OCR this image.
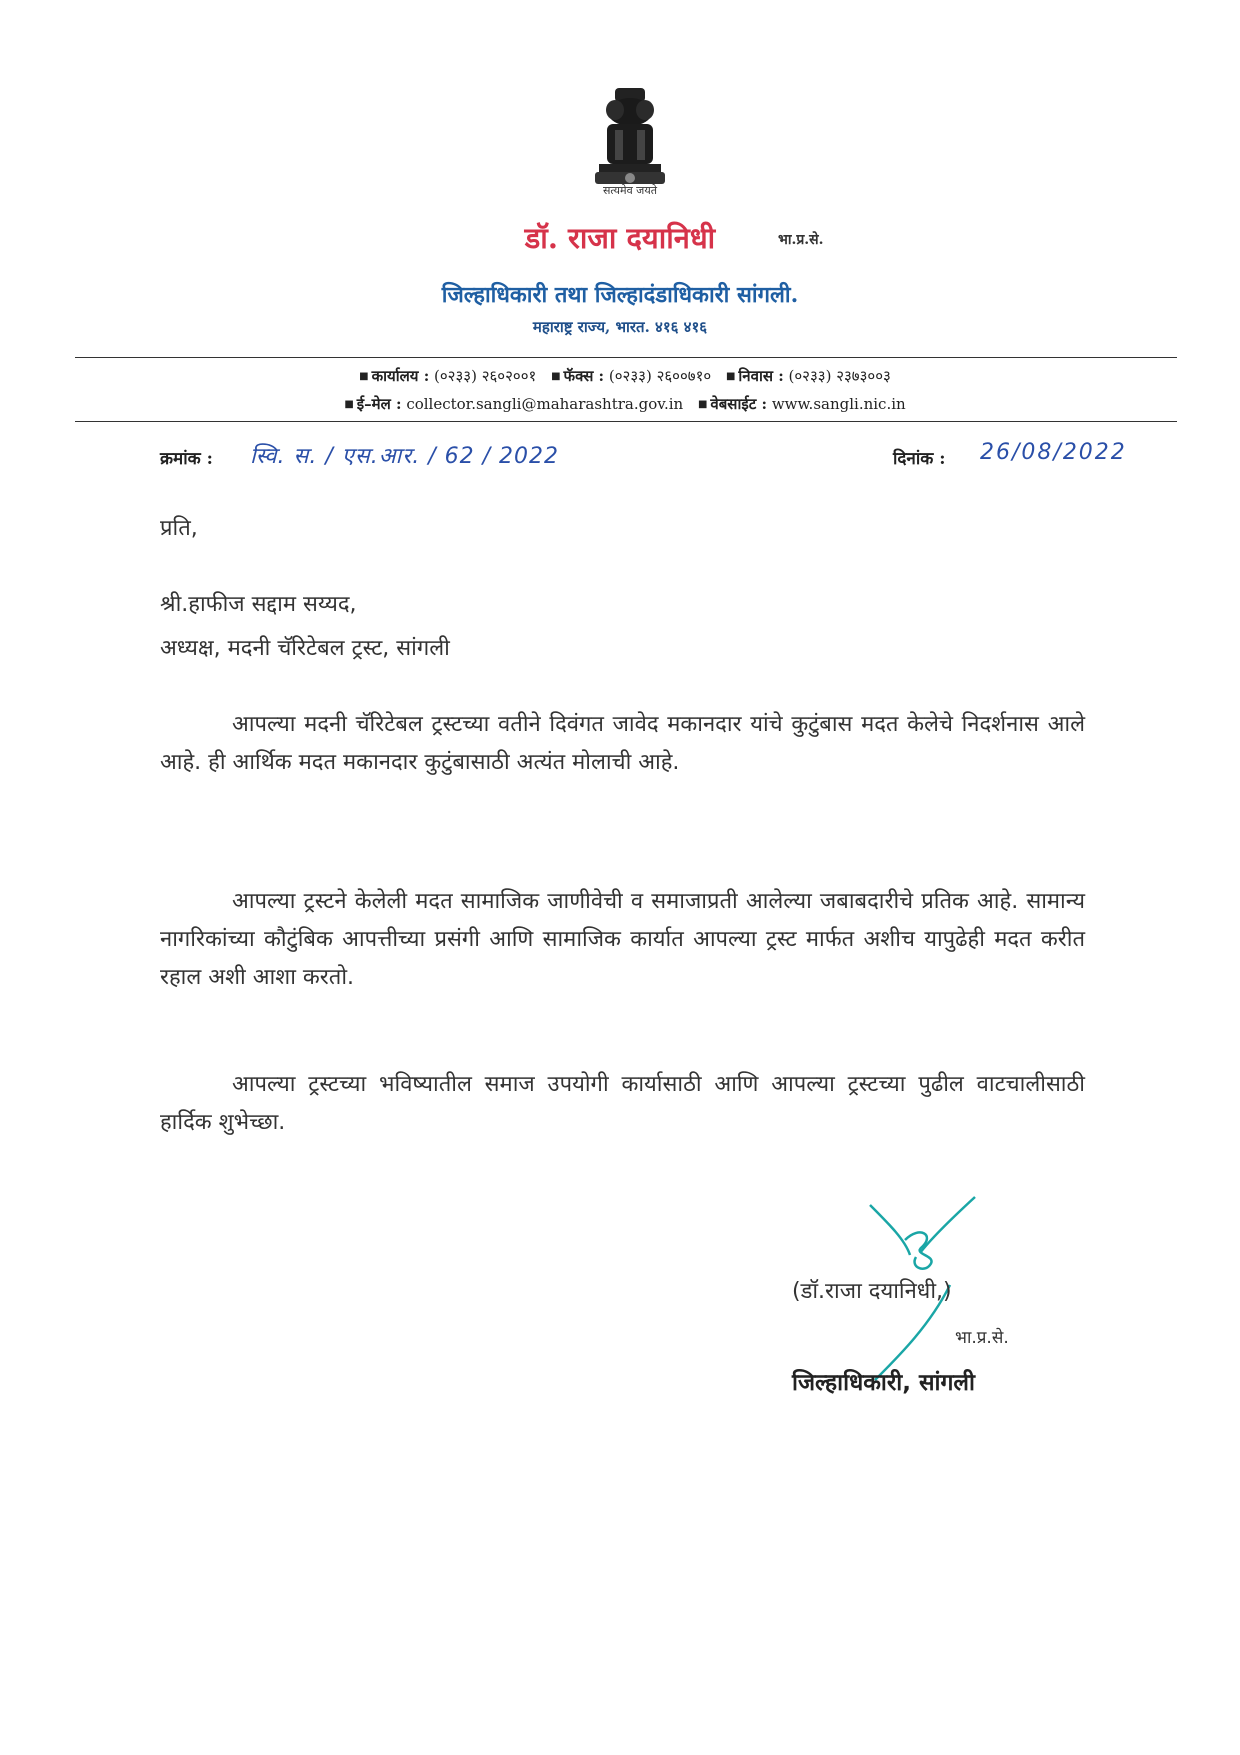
सत्यमेव जयते
डॉ. राजा दयानिधी	भा.प्र.से.
जिल्हाधिकारी तथा जिल्हादंडाधिकारी सांगली.
महाराष्ट्र राज्य, भारत. ४१६ ४१६
■ कार्यालय : (०२३३) २६०२००१ ■ फॅक्स : (०२३३) २६००७१० ■ निवास : (०२३३) २३७३००३
■ ई–मेल : collector.sangli@maharashtra.gov.in ■ वेबसाईट : www.sangli.nic.in
क्रमांक : स्वि. स. / एस.आर. / 62 / 2022	दिनांक : 26/08/2022
प्रति,
श्री.हाफीज सद्दाम सय्यद,
अध्यक्ष, मदनी चॅरिटेबल ट्रस्ट, सांगली

आपल्या मदनी चॅरिटेबल ट्रस्टच्या वतीने दिवंगत जावेद मकानदार यांचे कुटुंबास मदत केलेचे निदर्शनास आले आहे. ही आर्थिक मदत मकानदार कुटुंबासाठी अत्यंत मोलाची आहे.

आपल्या ट्रस्टने केलेली मदत सामाजिक जाणीवेची व समाजाप्रती आलेल्या जबाबदारीचे प्रतिक आहे. सामान्य नागरिकांच्या कौटुंबिक आपत्तीच्या प्रसंगी आणि सामाजिक कार्यात आपल्या ट्रस्ट मार्फत अशीच यापुढेही मदत करीत रहाल अशी आशा करतो.

आपल्या ट्रस्टच्या भविष्यातील समाज उपयोगी कार्यासाठी आणि आपल्या ट्रस्टच्या पुढील वाटचालीसाठी हार्दिक शुभेच्छा.

(डॉ.राजा दयानिधी,)
भा.प्र.से.
जिल्हाधिकारी, सांगली
